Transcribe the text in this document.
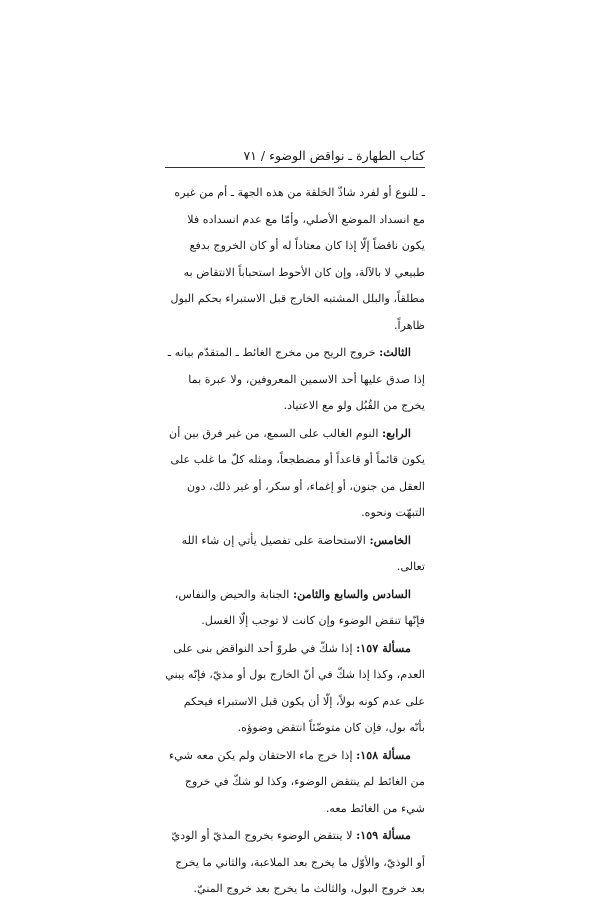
كتاب الطهارة ـ نواقض الوضوء / ٧١

ـ للنوع أو لفرد شاذّ الخلقة من هذه الجهة ـ أم من غيره مع انسداد الموضع الأصلي، وأمّا مع عدم انسداده فلا يكون ناقضاً إلّا إذا كان معتاداً له أو كان الخروج بدفع طبيعي لا بالآلة، وإن كان الأحوط استحباباً الانتقاض به مطلقاً، والبلل المشتبه الخارج قبل الاستبراء بحكم البول ظاهراً.

الثالث: خروج الريح من مخرج الغائط ـ المتقدّم بيانه ـ إذا صدق عليها أحد الاسمين المعروفين، ولا عبرة بما يخرج من القُبُل ولو مع الاعتياد.

الرابع: النوم الغالب على السمع، من غير فرق بين أن يكون قائماً أو قاعداً أو مضطجعاً، ومثله كلّ ما غلب على العقل من جنون، أو إغماء، أو سكر، أو غير ذلك، دون التبهّت ونحوه.

الخامس: الاستحاضة على تفصيل يأتي إن شاء الله تعالى.

السادس والسابع والثامن: الجنابة والحيض والنفاس، فإنّها تنقض الوضوء وإن كانت لا توجب إلّا الغسل.

مسألة ١٥٧: إذا شكّ في طروّ أحد النواقض بنى على العدم، وكذا إذا شكّ في أنّ الخارج بول أو مذيّ، فإنّه يبني على عدم كونه بولاً، إلّا أن يكون قبل الاستبراء فيحكم بأنّه بول، فإن كان متوضّئاً انتقض وضوؤه.

مسألة ١٥٨: إذا خرج ماء الاحتقان ولم يكن معه شيء من الغائط لم ينتقض الوضوء، وكذا لو شكّ في خروج شيء من الغائط معه.

مسألة ١٥٩: لا ينتقض الوضوء بخروج المذيّ أو الوديّ أو الوذيّ، والأوّل ما يخرج بعد الملاعبة، والثاني ما يخرج بعد خروج البول، والثالث ما يخرج بعد خروج المنيّ.
